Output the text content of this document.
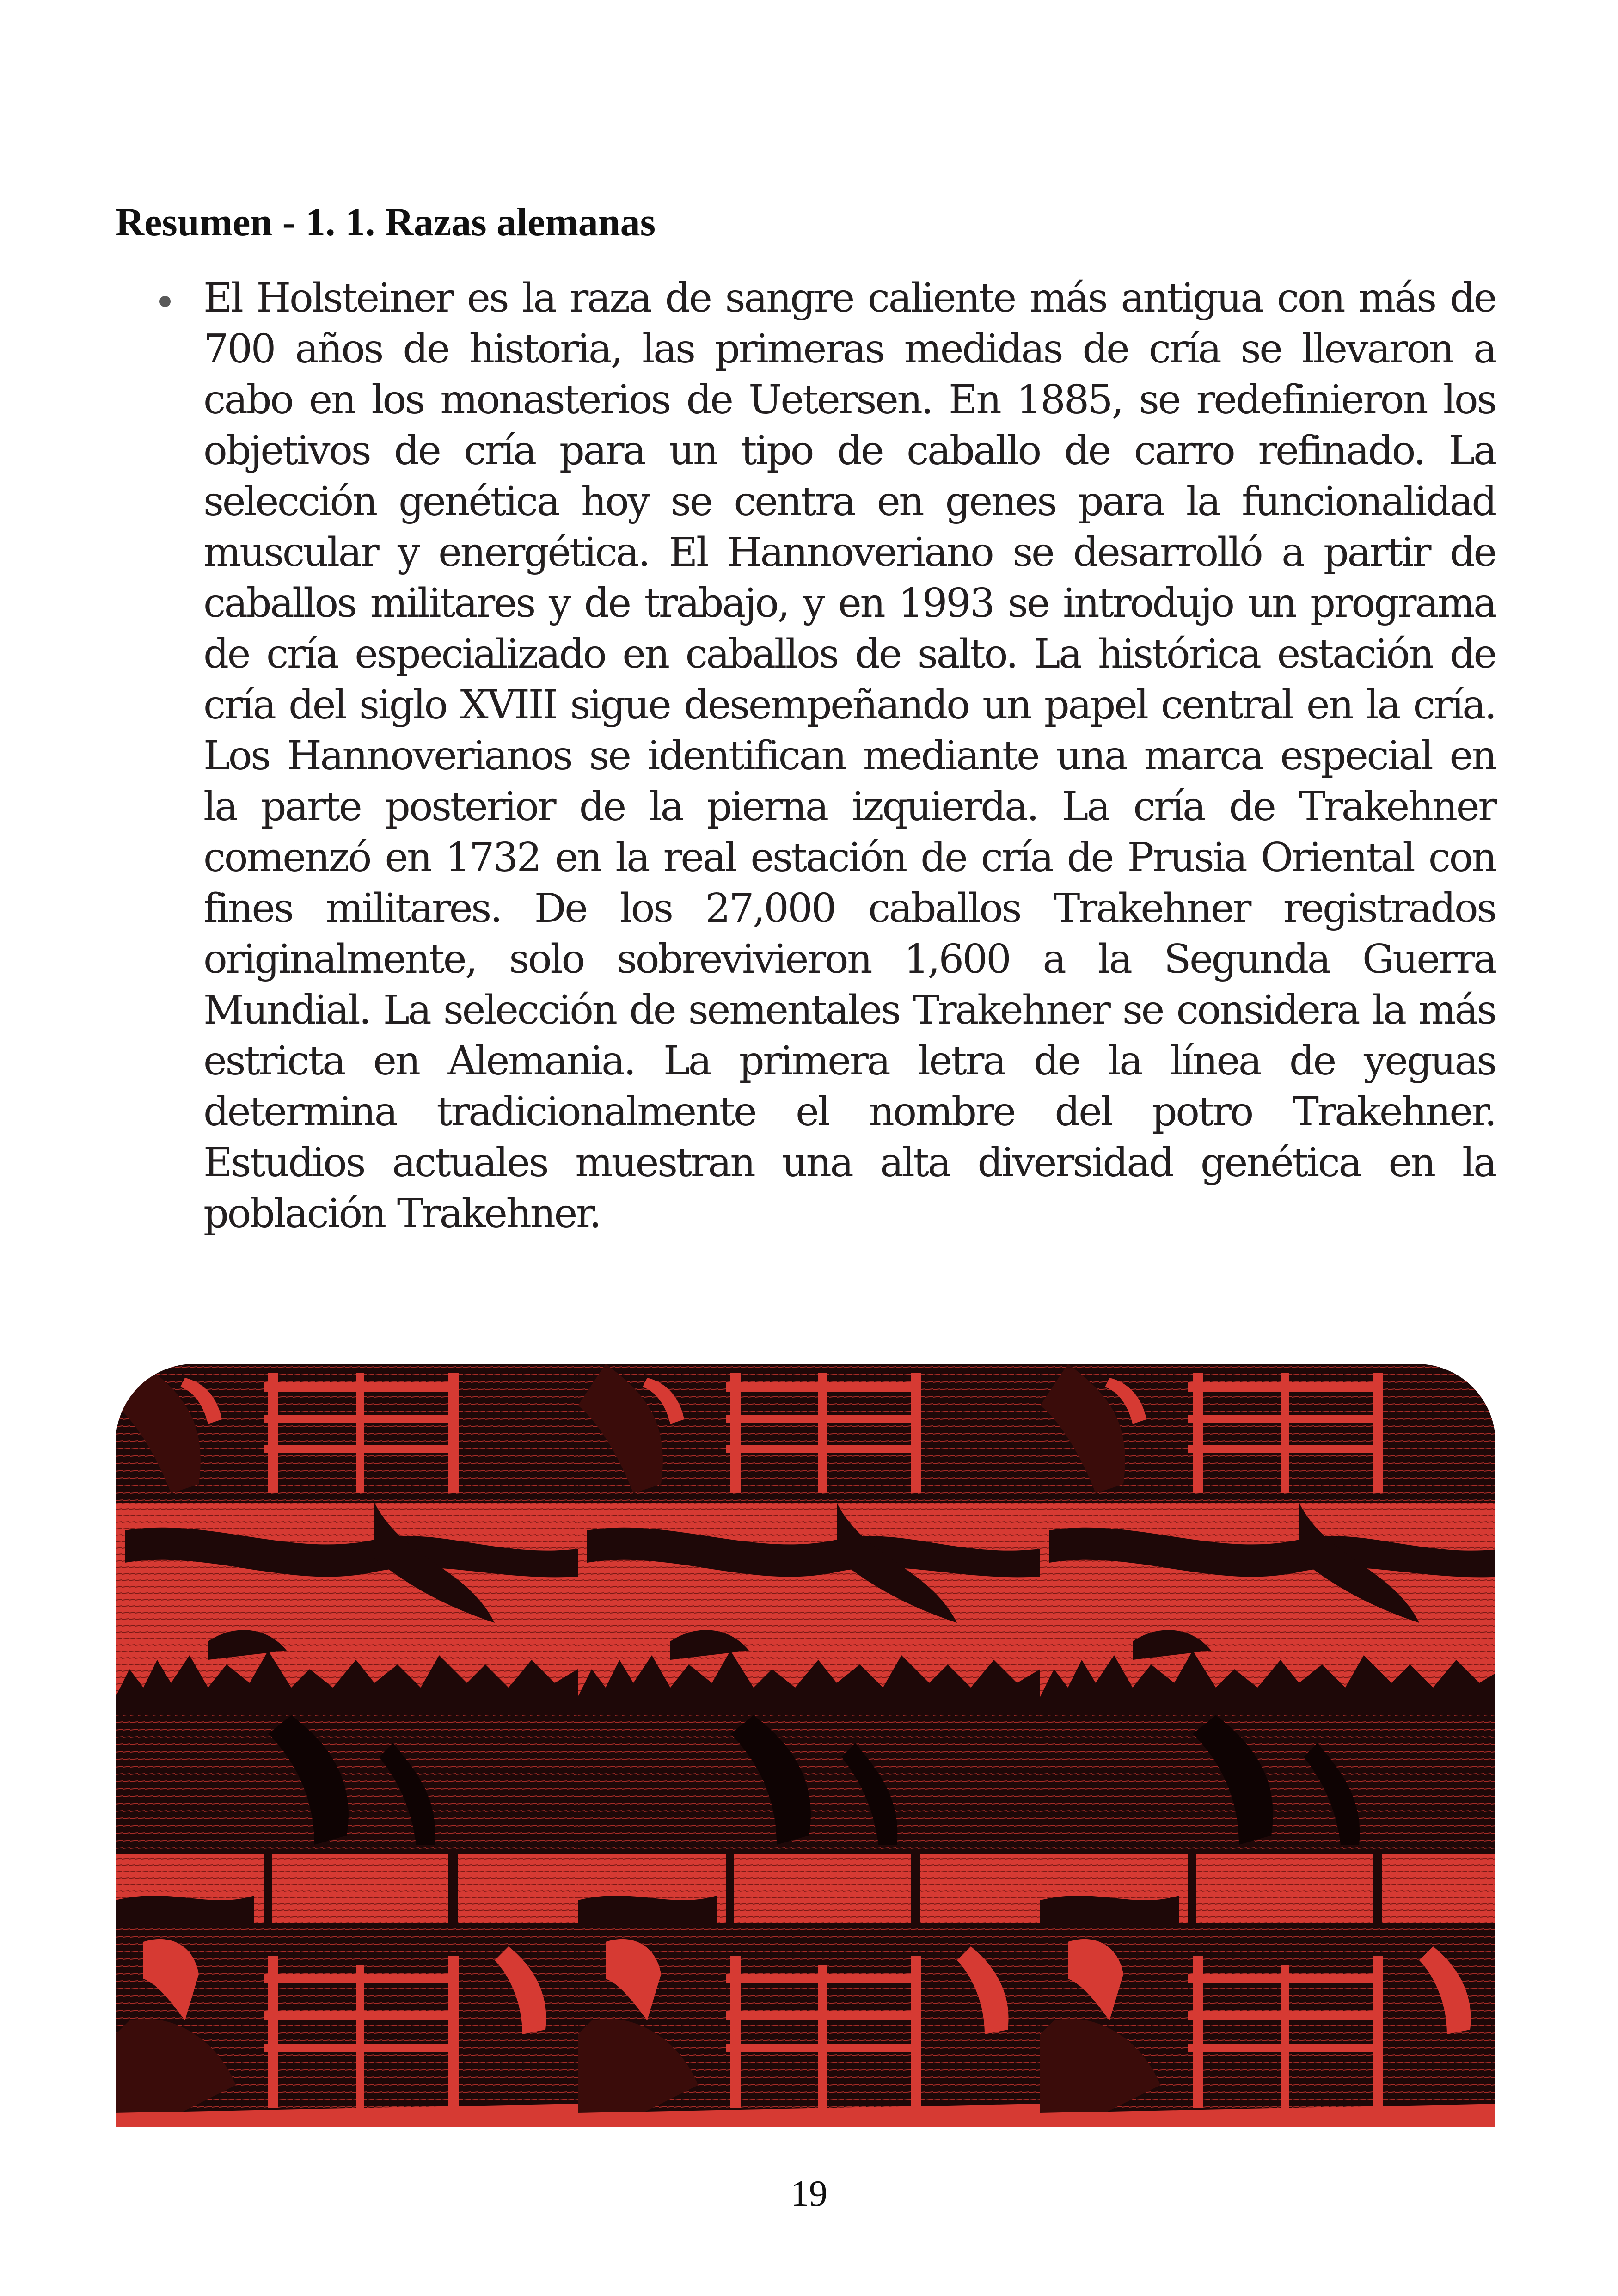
Resumen - 1. 1. Razas alemanas
El Holsteiner es la raza de sangre caliente más antigua con más de 700 años de historia, las primeras medidas de cría se llevaron a cabo en los monasterios de Uetersen. En 1885, se redefinieron los objetivos de cría para un tipo de caballo de carro refinado. La selección genética hoy se centra en genes para la funcionalidad muscular y energética. El Hannoveriano se desarrolló a partir de caballos militares y de trabajo, y en 1993 se introdujo un programa de cría especializado en caballos de salto. La histórica estación de cría del siglo XVIII sigue desempeñando un papel central en la cría. Los Hannoverianos se identifican mediante una marca especial en la parte posterior de la pierna izquierda. La cría de Trakehner comenzó en 1732 en la real estación de cría de Prusia Oriental con fines militares. De los 27,000 caballos Trakehner registrados originalmente, solo sobrevivieron 1,600 a la Segunda Guerra Mundial. La selección de sementales Trakehner se considera la más estricta en Alemania. La primera letra de la línea de yeguas determina tradicionalmente el nombre del potro Trakehner. Estudios actuales muestran una alta diversidad genética en la población Trakehner.
19
